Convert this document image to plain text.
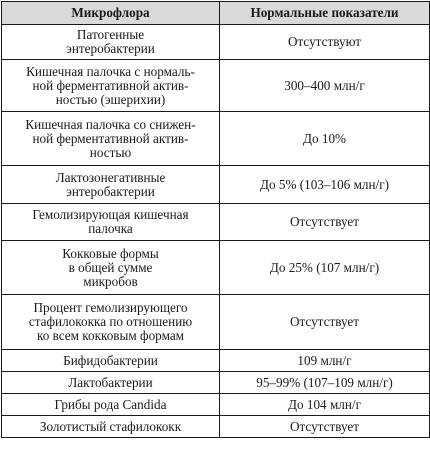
Микрофлора	Нормальные показатели
Патогенные
энтеробактерии	Отсутствуют
Кишечная палочка с нормаль-
ной ферментативной актив-
ностью (эшерихии)	300–400 млн/г
Кишечная палочка со снижен-
ной ферментативной актив-
ностью	До 10%
Лактозонегативные
энтеробактерии	До 5% (103–106 млн/г)
Гемолизирующая кишечная
палочка	Отсутствует
Кокковые формы
в общей сумме
микробов	До 25% (107 млн/г)
Процент гемолизирующего
стафилококка по отношению
ко всем кокковым формам	Отсутствует
Бифидобактерии	109 млн/г
Лактобактерии	95–99% (107–109 млн/г)
Грибы рода Candida	До 104 млн/г
Золотистый стафилококк	Отсутствует
